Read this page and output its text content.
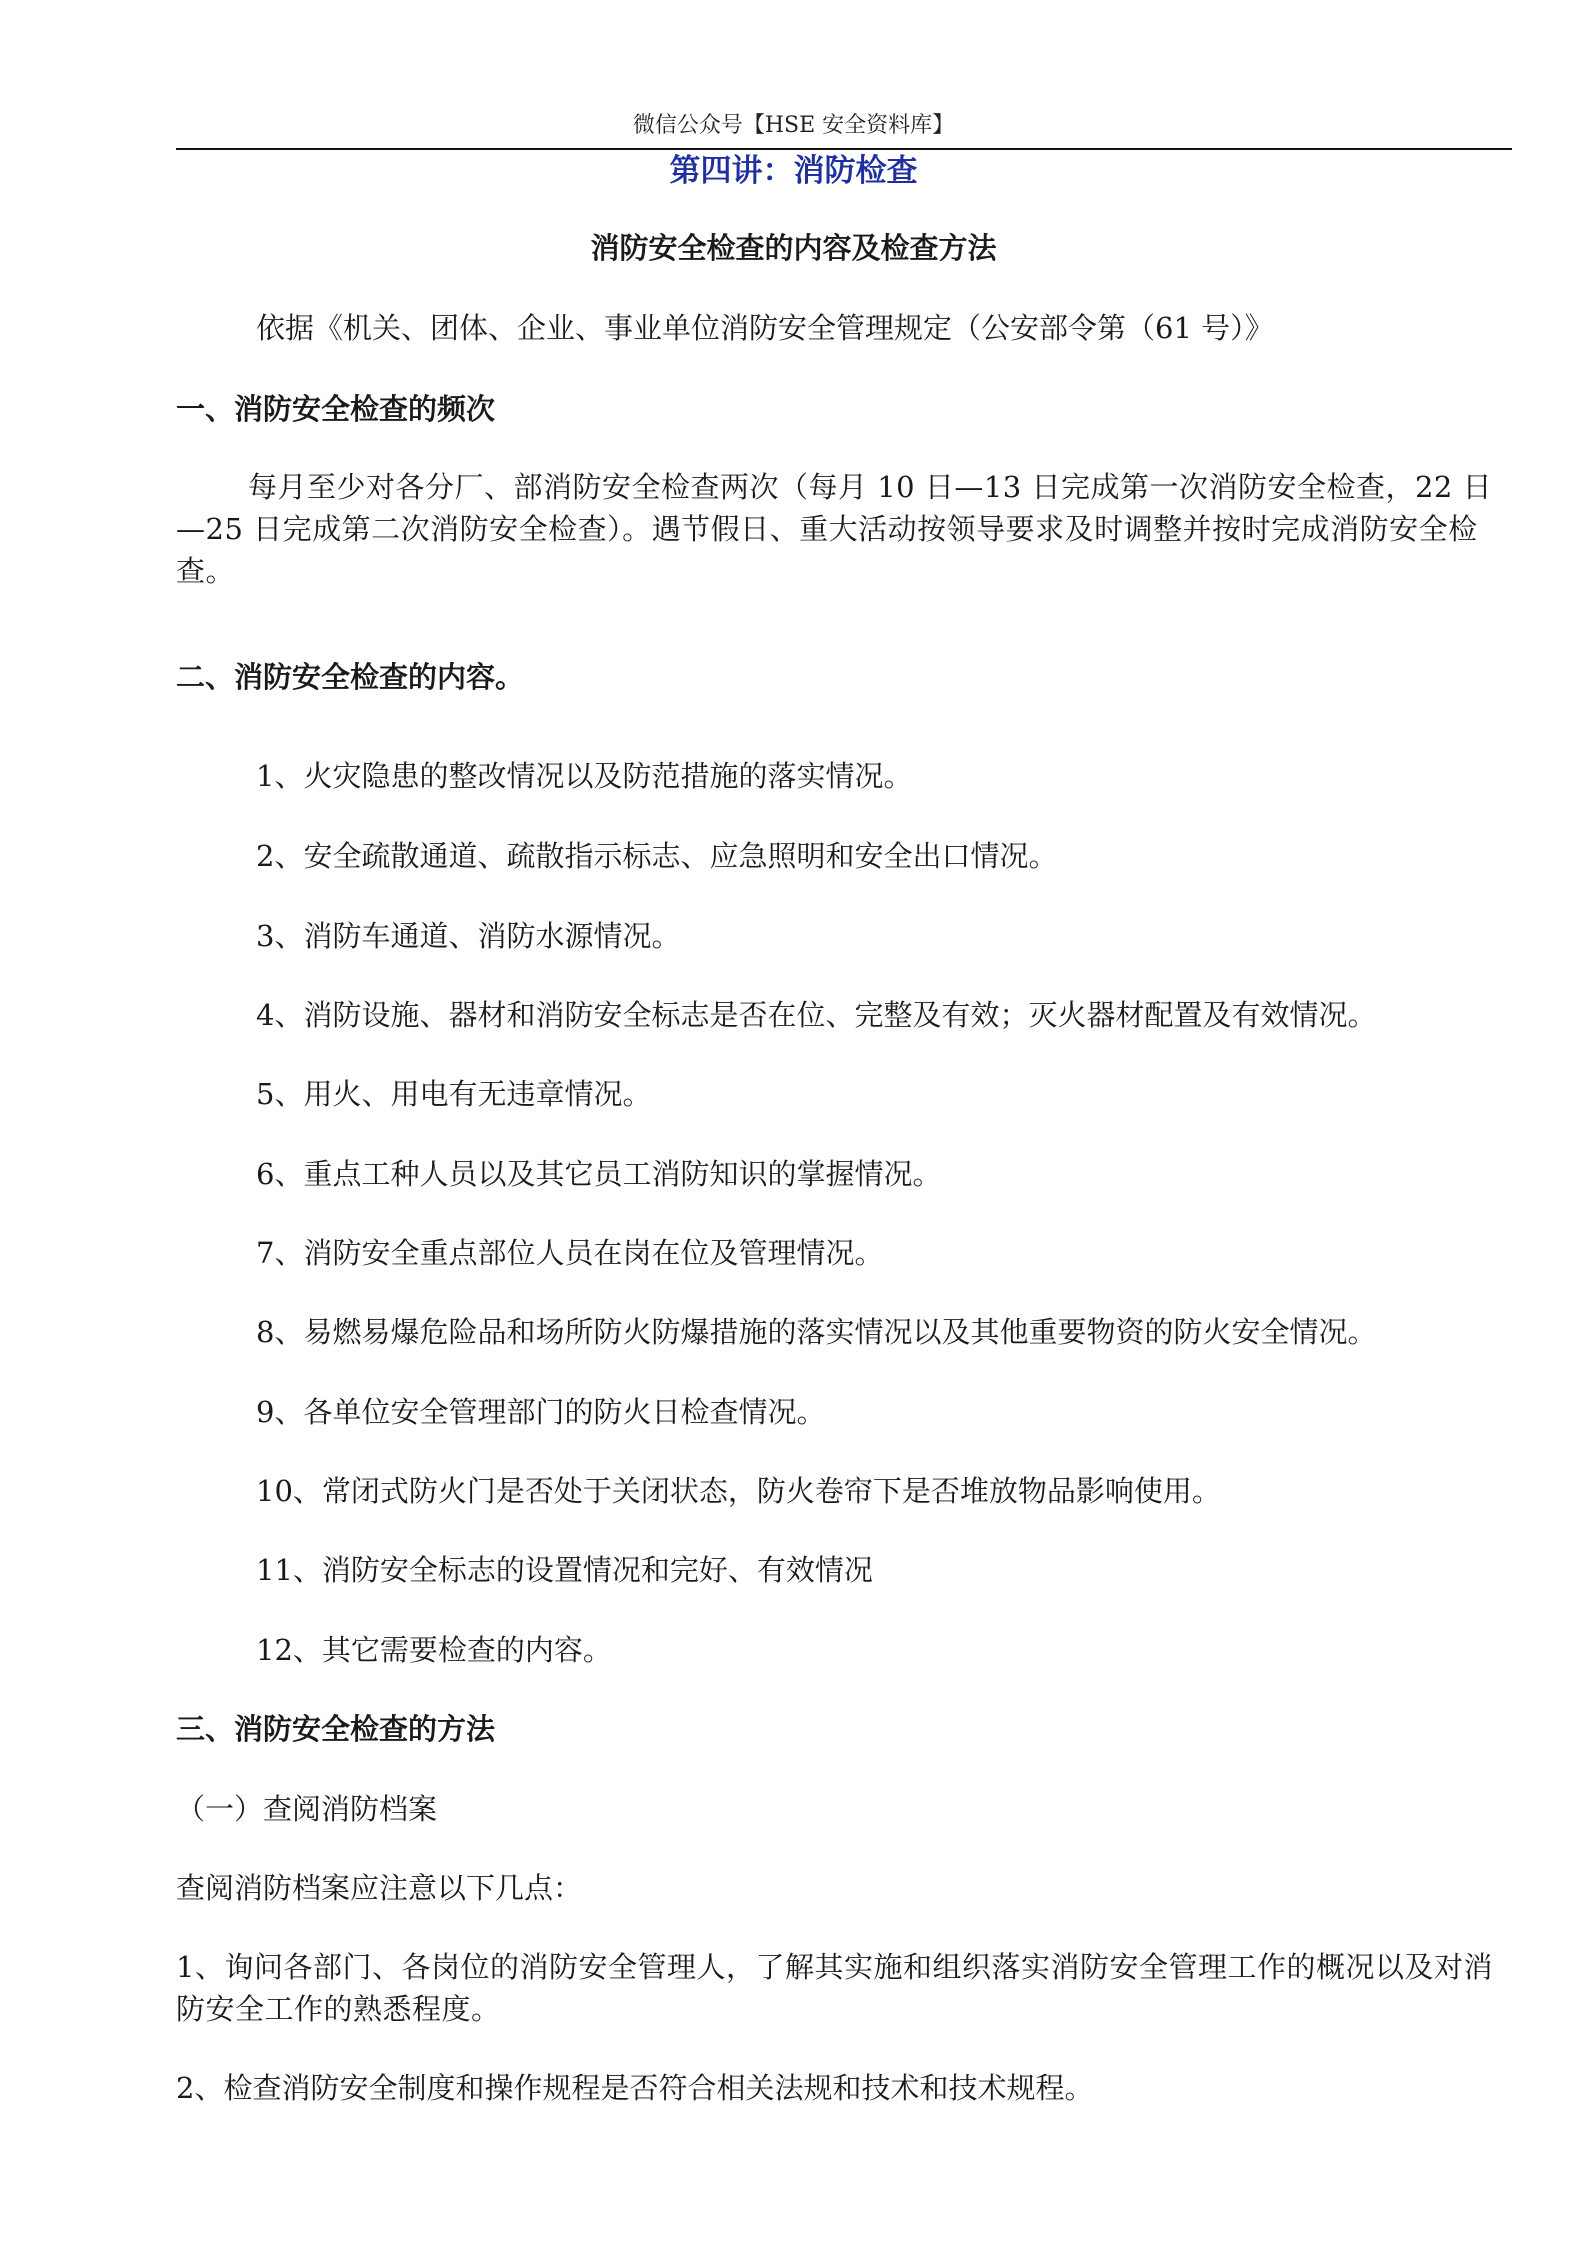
微信公众号【HSE 安全资料库】
第四讲：消防检查
消防安全检查的内容及检查方法
依据《机关、团体、企业、事业单位消防安全管理规定（公安部令第（61 号）》
一、消防安全检查的频次
每月至少对各分厂、部消防安全检查两次（每月 10 日—13 日完成第一次消防安全检查，22 日—25 日完成第二次消防安全检查）。遇节假日、重大活动按领导要求及时调整并按时完成消防安全检查。
二、消防安全检查的内容。
1、火灾隐患的整改情况以及防范措施的落实情况。
2、安全疏散通道、疏散指示标志、应急照明和安全出口情况。
3、消防车通道、消防水源情况。
4、消防设施、器材和消防安全标志是否在位、完整及有效；灭火器材配置及有效情况。
5、用火、用电有无违章情况。
6、重点工种人员以及其它员工消防知识的掌握情况。
7、消防安全重点部位人员在岗在位及管理情况。
8、易燃易爆危险品和场所防火防爆措施的落实情况以及其他重要物资的防火安全情况。
9、各单位安全管理部门的防火日检查情况。
10、常闭式防火门是否处于关闭状态，防火卷帘下是否堆放物品影响使用。
11、消防安全标志的设置情况和完好、有效情况
12、其它需要检查的内容。
三、消防安全检查的方法
（一）查阅消防档案
查阅消防档案应注意以下几点：
1、询问各部门、各岗位的消防安全管理人，了解其实施和组织落实消防安全管理工作的概况以及对消防安全工作的熟悉程度。
2、检查消防安全制度和操作规程是否符合相关法规和技术和技术规程。
